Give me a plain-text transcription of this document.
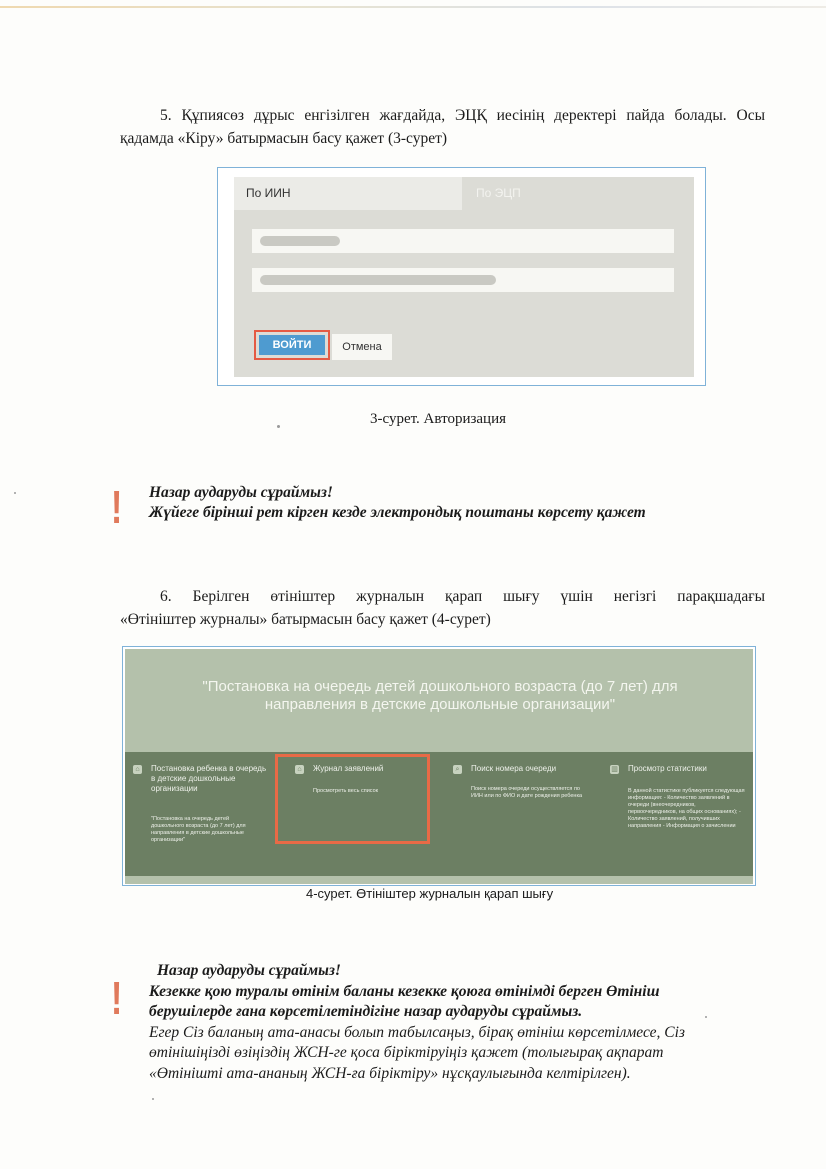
5. Құпиясөз дұрыс енгізілген жағдайда, ЭЦҚ иесінің деректері пайда болады. Осы
қадамда «Кіру» батырмасын басу қажет (3-сурет)
По ИИН	По ЭЦП
ВОЙТИ	Отмена
3-сурет. Авторизация
! Назар аударуды сұраймыз!
Жүйеге бірінші рет кірген кезде электрондық поштаны көрсету қажет
6. Берілген өтініштер журналын қарап шығу үшін негізгі парақшадағы
«Өтініштер журналы» батырмасын басу қажет (4-сурет)
"Постановка на очередь детей дошкольного возраста (до 7 лет) для направления в детские дошкольные организации"
⌂ Постановка ребенка в очередь в детские дошкольные организации
"Постановка на очередь детей дошкольного возраста (до 7 лет) для направления в детские дошкольные организации"
⌂ Журнал заявлений
Просмотреть весь список
⌕	Поиск номера очереди
Поиск номера очереди осуществляется по ИИН или по ФИО и дате рождения ребенка
▥ Просмотр статистики
В данной статистике публикуется следующая информация: - Количество заявлений в очереди (внеочередников, первоочередников, на общих основаниях); - Количество заявлений, получивших направления - Информация о зачислении
4-сурет. Өтініштер журналын қарап шығу
!
Назар аударуды сұраймыз!
Кезекке қою туралы өтінім баланы кезекке қоюға өтінімді берген Өтініш берушілерде ғана көрсетілетіндігіне назар аударуды сұраймыз.
Егер Сіз баланың ата-анасы болып табылсаңыз, бірақ өтініш көрсетілмесе, Сіз өтінішіңізді өзіңіздің ЖСН-ге қоса біріктіруіңіз қажет (толығырақ ақпарат «Өтінішті ата-ананың ЖСН-ға біріктіру» нұсқаулығында келтірілген).
